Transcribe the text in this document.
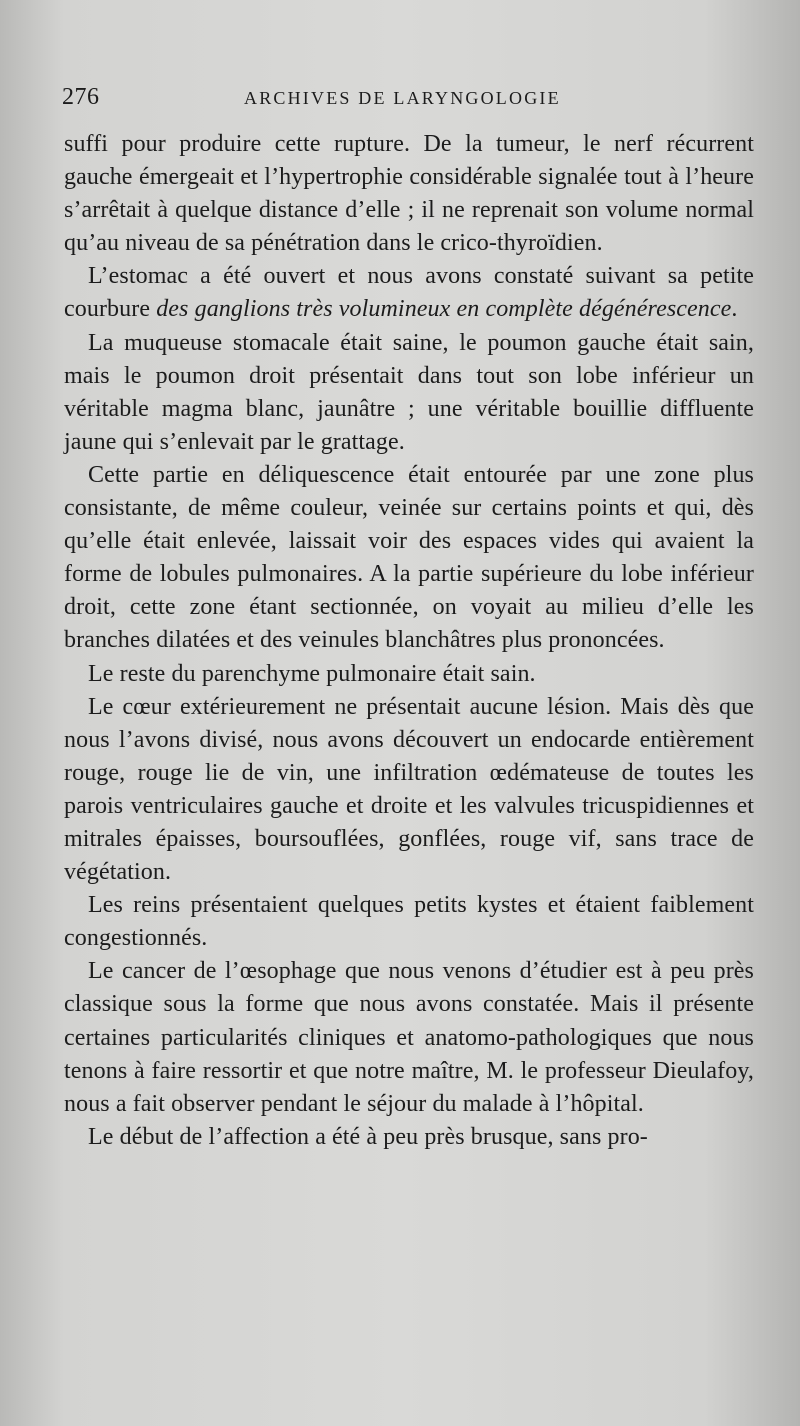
276	ARCHIVES DE LARYNGOLOGIE

suffi pour produire cette rupture. De la tumeur, le nerf récurrent gauche émergeait et l’hypertrophie considérable signalée tout à l’heure s’arrêtait à quelque distance d’elle ; il ne reprenait son volume normal qu’au niveau de sa pénétration dans le crico-thyroïdien.

L’estomac a été ouvert et nous avons constaté suivant sa petite courbure des ganglions très volumineux en complète dégénérescence.

La muqueuse stomacale était saine, le poumon gauche était sain, mais le poumon droit présentait dans tout son lobe inférieur un véritable magma blanc, jaunâtre ; une véritable bouillie diffluente jaune qui s’enlevait par le grattage.

Cette partie en déliquescence était entourée par une zone plus consistante, de même couleur, veinée sur certains points et qui, dès qu’elle était enlevée, laissait voir des espaces vides qui avaient la forme de lobules pulmonaires. A la partie supérieure du lobe inférieur droit, cette zone étant sectionnée, on voyait au milieu d’elle les branches dilatées et des veinules blanchâtres plus prononcées.

Le reste du parenchyme pulmonaire était sain.

Le cœur extérieurement ne présentait aucune lésion. Mais dès que nous l’avons divisé, nous avons découvert un endocarde entièrement rouge, rouge lie de vin, une infiltration œdémateuse de toutes les parois ventriculaires gauche et droite et les valvules tricuspidiennes et mitrales épaisses, boursouflées, gonflées, rouge vif, sans trace de végétation.

Les reins présentaient quelques petits kystes et étaient faiblement congestionnés.

Le cancer de l’œsophage que nous venons d’étudier est à peu près classique sous la forme que nous avons constatée. Mais il présente certaines particularités cliniques et anatomo-pathologiques que nous tenons à faire ressortir et que notre maître, M. le professeur Dieulafoy, nous a fait observer pendant le séjour du malade à l’hôpital.

Le début de l’affection a été à peu près brusque, sans pro-
